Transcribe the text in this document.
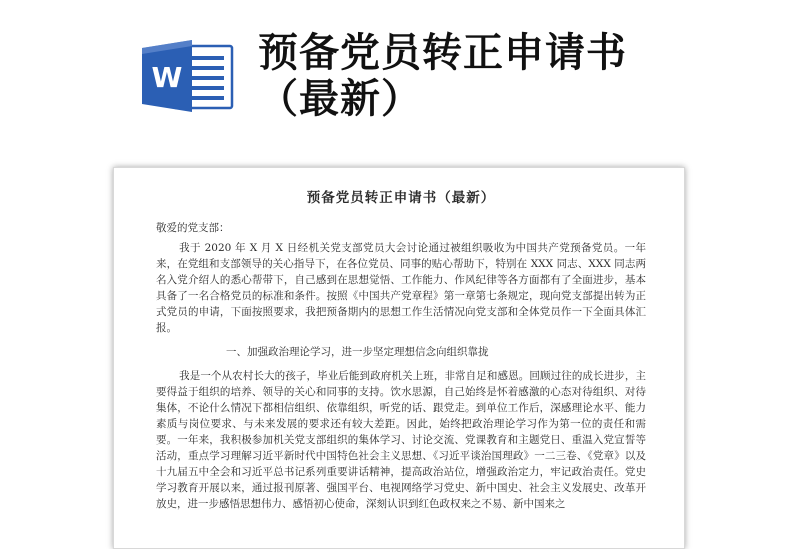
W
预备党员转正申请书
（最新）
预备党员转正申请书（最新）
敬爱的党支部：

我于 2020 年 X 月 X 日经机关党支部党员大会讨论通过被组织吸收为中国共产党预备党员。一年来，在党组和支部领导的关心指导下，在各位党员、同事的贴心帮助下，特别在 XXX 同志、XXX 同志两名入党介绍人的悉心帮带下，自己感到在思想觉悟、工作能力、作风纪律等各方面都有了全面进步，基本具备了一名合格党员的标准和条件。按照《中国共产党章程》第一章第七条规定，现向党支部提出转为正式党员的申请，下面按照要求，我把预备期内的思想工作生活情况向党支部和全体党员作一下全面具体汇报。

一、加强政治理论学习，进一步坚定理想信念向组织靠拢

我是一个从农村长大的孩子，毕业后能到政府机关上班，非常自足和感恩。回顾过往的成长进步，主要得益于组织的培养、领导的关心和同事的支持。饮水思源，自己始终是怀着感激的心态对待组织、对待集体，不论什么情况下都相信组织、依靠组织，听党的话、跟党走。到单位工作后，深感理论水平、能力素质与岗位要求、与未来发展的要求还有较大差距。因此，始终把政治理论学习作为第一位的责任和需要。一年来，我积极参加机关党支部组织的集体学习、讨论交流、党课教育和主题党日、重温入党宣誓等活动，重点学习理解习近平新时代中国特色社会主义思想、《习近平谈治国理政》一二三卷、《党章》以及十九届五中全会和习近平总书记系列重要讲话精神，提高政治站位，增强政治定力，牢记政治责任。党史学习教育开展以来，通过报刊原著、强国平台、电视网络学习党史、新中国史、社会主义发展史、改革开放史，进一步感悟思想伟力、感悟初心使命，深刻认识到红色政权来之不易、新中国来之
